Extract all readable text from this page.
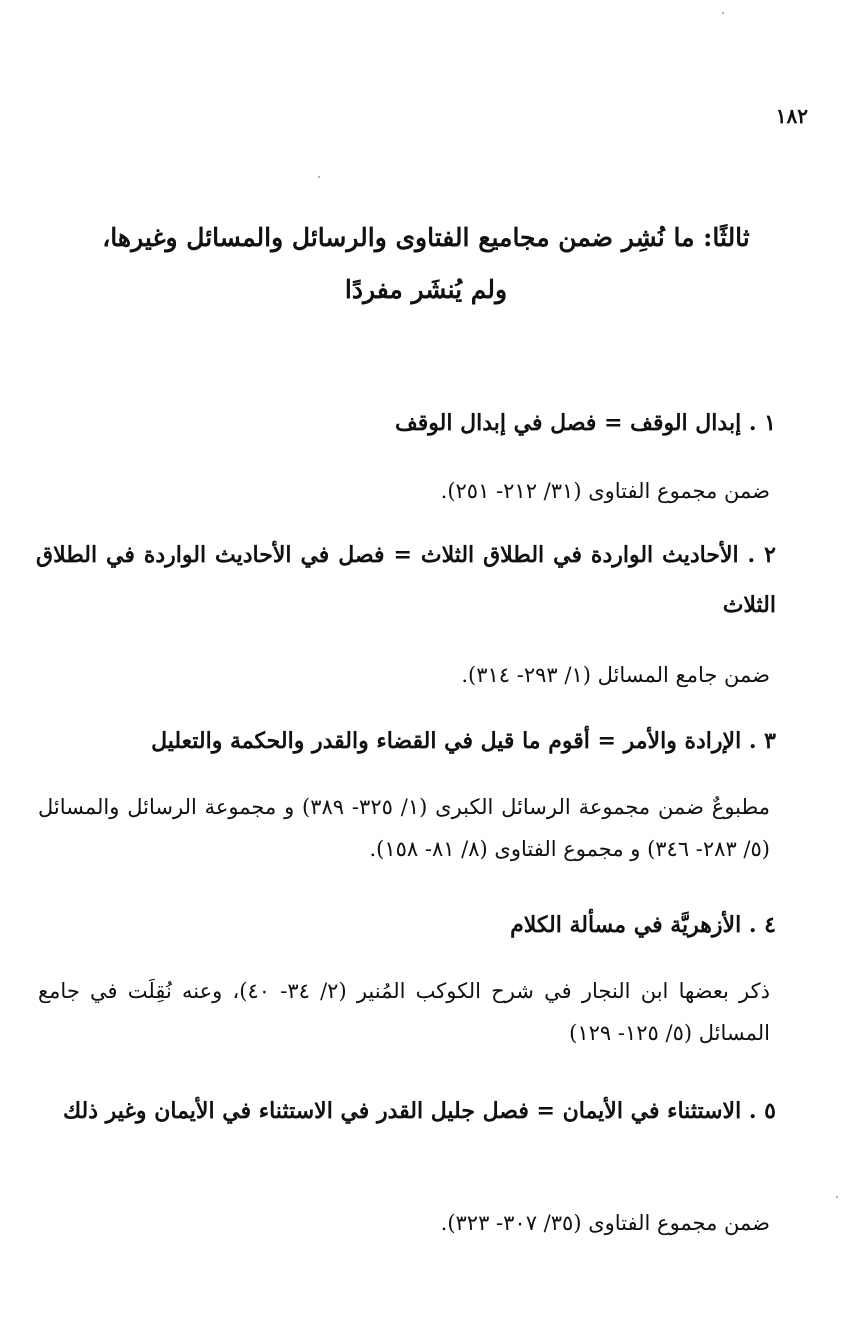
١٨٢
ثالثًا: ما نُشِر ضمن مجاميع الفتاوى والرسائل والمسائل وغيرها،
ولم يُنشَر مفردًا
١ . إبدال الوقف = فصل في إبدال الوقف
ضمن مجموع الفتاوى (٣١/ ٢١٢- ٢٥١).
٢ . الأحاديث الواردة في الطلاق الثلاث = فصل في الأحاديث الواردة في الطلاق الثلاث
ضمن جامع المسائل (١/ ٢٩٣- ٣١٤).
٣ . الإرادة والأمر = أقوم ما قيل في القضاء والقدر والحكمة والتعليل
مطبوعٌ ضمن مجموعة الرسائل الكبرى (١/ ٣٢٥- ٣٨٩) و مجموعة الرسائل والمسائل (٥/ ٢٨٣- ٣٤٦) و مجموع الفتاوى (٨/ ٨١- ١٥٨).
٤ . الأزهريَّة في مسألة الكلام
ذكر بعضها ابن النجار في شرح الكوكب المُنير (٢/ ٣٤- ٤٠)، وعنه نُقِلَت في جامع المسائل (٥/ ١٢٥- ١٢٩)
٥ . الاستثناء في الأيمان = فصل جليل القدر في الاستثناء في الأيمان وغير ذلك
ضمن مجموع الفتاوى (٣٥/ ٣٠٧- ٣٢٣).
